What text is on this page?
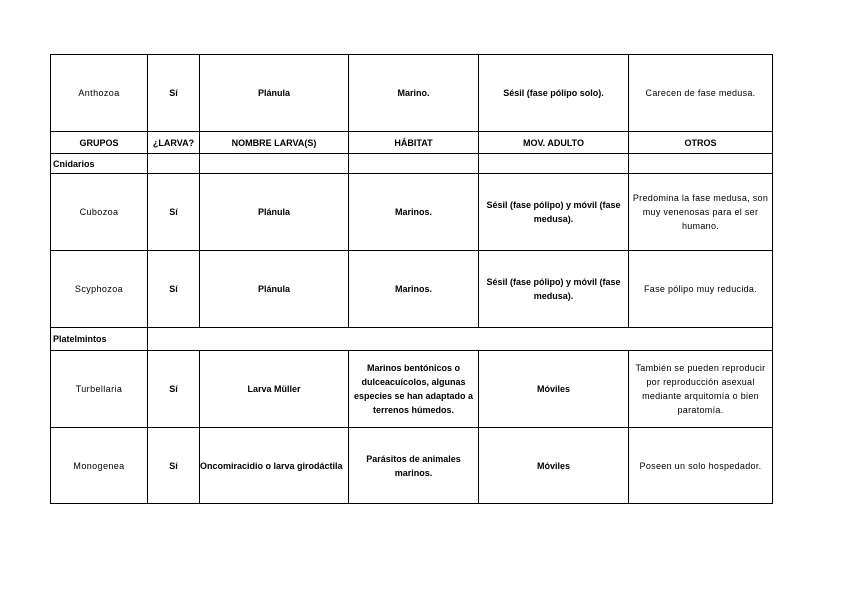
Anthozoa	Sí	Plánula	Marino.	Sésil (fase pólipo solo).	Carecen de fase medusa.
GRUPOS	¿LARVA?	NOMBRE LARVA(S)	HÁBITAT	MOV. ADULTO	OTROS
Cnidarios					
Cubozoa	Sí	Plánula	Marinos.	Sésil (fase pólipo) y móvil (fase medusa).	Predomina la fase medusa, son muy venenosas para el ser humano.
Scyphozoa	Sí	Plánula	Marinos.	Sésil (fase pólipo) y móvil (fase medusa).	Fase pólipo muy reducida.
Platelmintos					
Turbellaria	Sí	Larva Müller	Marinos bentónicos o dulceacuícolos, algunas especies se han adaptado a terrenos húmedos.	Móviles	También se pueden reproducir por reproducción asexual mediante arquitomía o bien paratomía.
Monogenea	Sí	Oncomiracidio o larva girodáctila	Parásitos de animales marinos.	Móviles	Poseen un solo hospedador.
